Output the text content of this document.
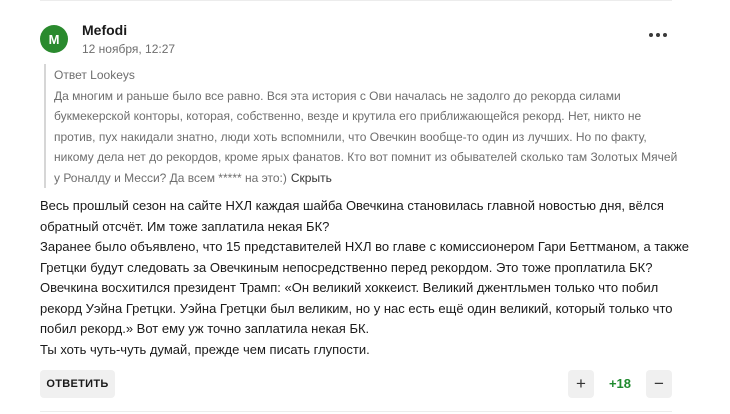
M
Mefodi
12 ноября, 12:27
Ответ Lookeys
Да многим и раньше было все равно. Вся эта история с Ови началась не задолго до рекорда силами букмекерской конторы, которая, собственно, везде и крутила его приближающейся рекорд. Нет, никто не против, пух накидали знатно, люди хоть вспомнили, что Овечкин вообще-то один из лучших. Но по факту, никому дела нет до рекордов, кроме ярых фанатов. Кто вот помнит из обывателей сколько там Золотых Мячей у Роналду и Месси? Да всем ***** на это:) Скрыть

Весь прошлый сезон на сайте НХЛ каждая шайба Овечкина становилась главной новостью дня, вёлся обратный отсчёт. Им тоже заплатила некая БК?

Заранее было объявлено, что 15 представителей НХЛ во главе с комиссионером Гари Беттманом, а также Гретцки будут следовать за Овечкиным непосредственно перед рекордом. Это тоже проплатила БК?

Овечкина восхитился президент Трамп: «Он великий хоккеист. Великий джентльмен только что побил рекорд Уэйна Гретцки. Уэйна Гретцки был великим, но у нас есть ещё один великий, который только что побил рекорд.» Вот ему уж точно заплатила некая БК.

Ты хоть чуть-чуть думай, прежде чем писать глупости.

ОТВЕТИТЬ	+	+18	−
